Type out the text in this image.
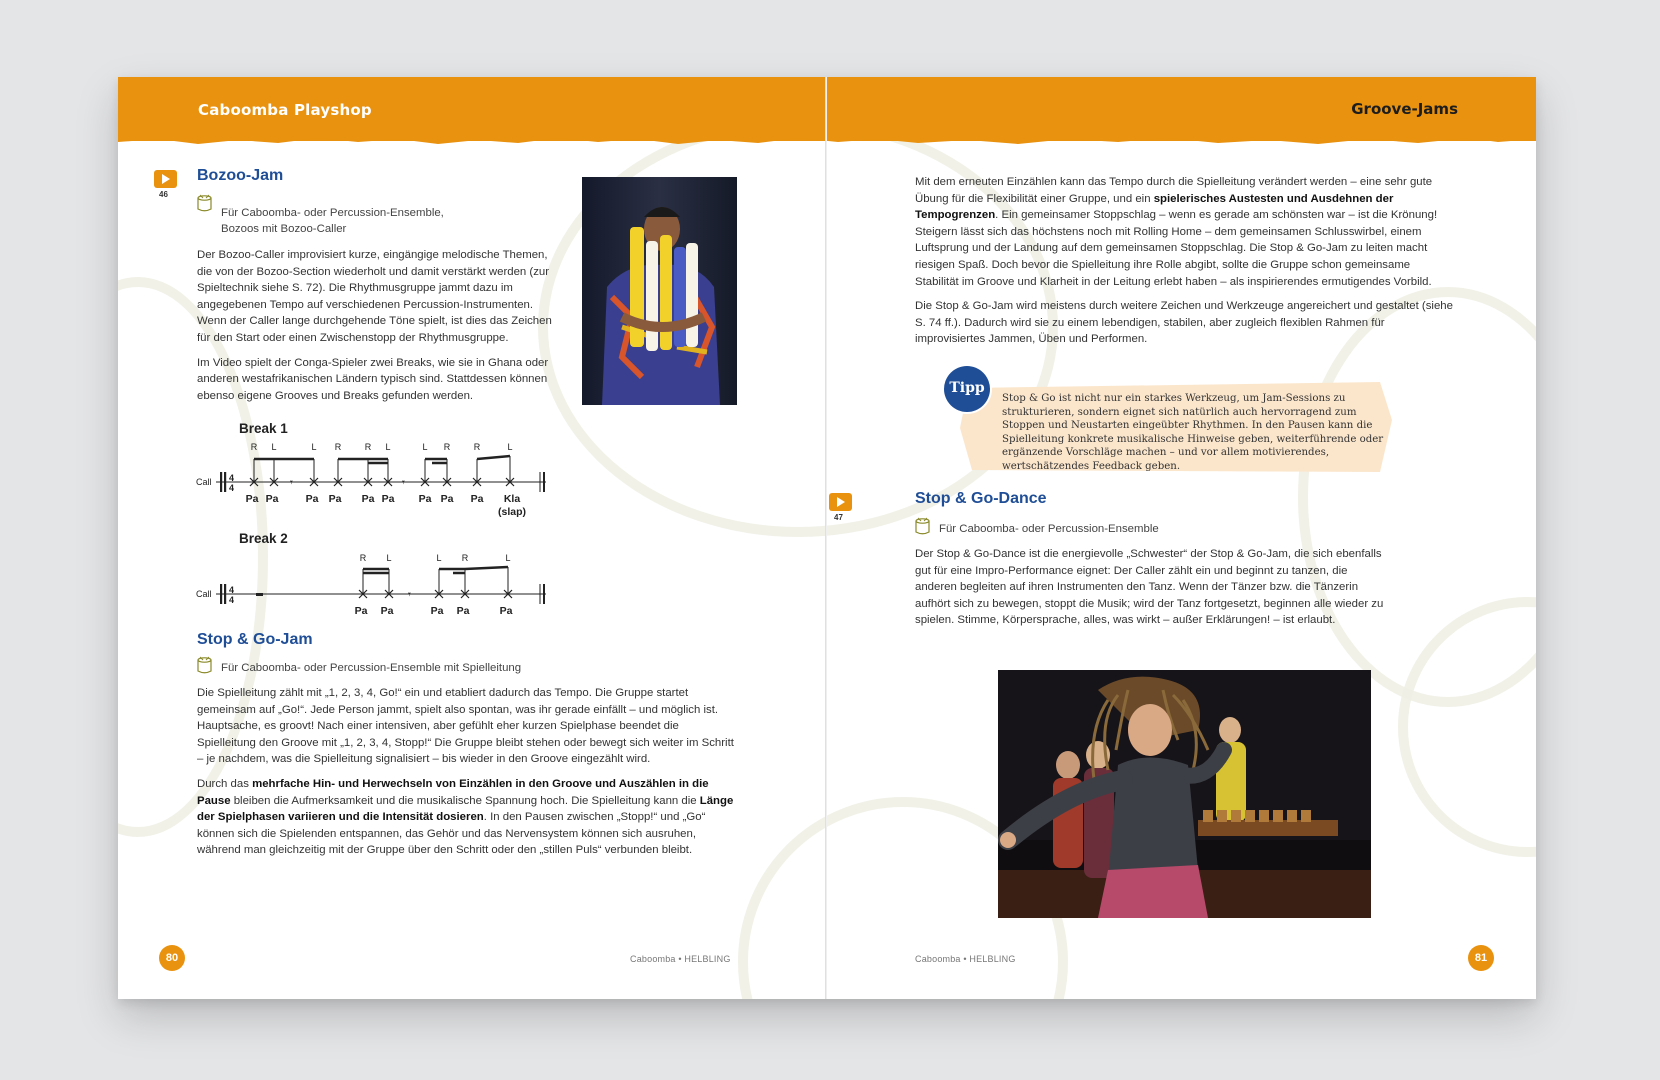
Caboomba Playshop	Groove-Jams
46
Bozoo-Jam
Für Caboomba- oder Percussion-Ensemble, Bozoos mit Bozoo-Caller

Der Bozoo-Caller improvisiert kurze, eingängige melodische Themen, die von der Bozoo-Section wiederholt und damit verstärkt werden (zur Spieltechnik siehe S. 72). Die Rhythmusgruppe jammt dazu im angegebenen Tempo auf verschiedenen Percussion-Instrumenten. Wenn der Caller lange durchgehende Töne spielt, ist dies das Zeichen für den Start oder einen Zwischenstopp der Rhythmusgruppe.

Im Video spielt der Conga-Spieler zwei Breaks, wie sie in Ghana oder anderen westafrikanischen Ländern typisch sind. Stattdessen können ebenso eigene Grooves und Breaks gefunden werden.

Break 1
Call 4
4
R L	L R	R L	L R	R	L
𝄾	𝄾
Pa Pa	Pa Pa Pa Pa Pa Pa Pa Kla
(slap)
Break 2
Call 4
4
R L	L R	L
𝄾
Pa Pa	Pa Pa	Pa
Stop & Go-Jam
Für Caboomba- oder Percussion-Ensemble mit Spielleitung

Die Spielleitung zählt mit „1, 2, 3, 4, Go!“ ein und etabliert dadurch das Tempo. Die Gruppe startet gemeinsam auf „Go!“. Jede Person jammt, spielt also spontan, was ihr gerade einfällt – und möglich ist. Hauptsache, es groovt! Nach einer intensiven, aber gefühlt eher kurzen Spielphase beendet die Spielleitung den Groove mit „1, 2, 3, 4, Stopp!“ Die Gruppe bleibt stehen oder bewegt sich weiter im Schritt – je nachdem, was die Spielleitung signalisiert – bis wieder in den Groove eingezählt wird.

Durch das mehrfache Hin- und Herwechseln von Einzählen in den Groove und Auszählen in die Pause bleiben die Aufmerksamkeit und die musikalische Spannung hoch. Die Spielleitung kann die Länge der Spielphasen variieren und die Intensität dosieren. In den Pausen zwischen „Stopp!“ und „Go“ können sich die Spielenden entspannen, das Gehör und das Nervensystem können sich ausruhen, während man gleichzeitig mit der Gruppe über den Schritt oder den „stillen Puls“ verbunden bleibt.

80	Caboomba • HELBLING

Mit dem erneuten Einzählen kann das Tempo durch die Spielleitung verändert werden – eine sehr gute Übung für die Flexibilität einer Gruppe, und ein spielerisches Austesten und Ausdehnen der Tempogrenzen. Ein gemeinsamer Stoppschlag – wenn es gerade am schönsten war – ist die Krönung! Steigern lässt sich das höchstens noch mit Rolling Home – dem gemeinsamen Schlusswirbel, einem Luftsprung und der Landung auf dem gemeinsamen Stoppschlag. Die Stop & Go-Jam zu leiten macht riesigen Spaß. Doch bevor die Spielleitung ihre Rolle abgibt, sollte die Gruppe schon gemeinsame Stabilität im Groove und Klarheit in der Leitung erlebt haben – als inspirierendes ermutigendes Vorbild.

Die Stop & Go-Jam wird meistens durch weitere Zeichen und Werkzeuge angereichert und gestaltet (siehe S. 74 ff.). Dadurch wird sie zu einem lebendigen, stabilen, aber zugleich flexiblen Rahmen für improvisiertes Jammen, Üben und Performen.

Tipp
Stop & Go ist nicht nur ein starkes Werkzeug, um Jam-Sessions zu strukturieren, sondern eignet sich natürlich auch hervorragend zum Stoppen und Neustarten eingeübter Rhythmen. In den Pausen kann die Spielleitung konkrete musikalische Hinweise geben, weiterführende oder ergänzende Vorschläge machen – und vor allem motivierendes, wertschätzendes Feedback geben.
47
Stop & Go-Dance
Für Caboomba- oder Percussion-Ensemble

Der Stop & Go-Dance ist die energievolle „Schwester“ der Stop & Go-Jam, die sich ebenfalls gut für eine Impro-Performance eignet: Der Caller zählt ein und beginnt zu tanzen, die anderen begleiten auf ihren Instrumenten den Tanz. Wenn der Tänzer bzw. die Tänzerin aufhört sich zu bewegen, stoppt die Musik; wird der Tanz fortgesetzt, beginnen alle wieder zu spielen. Stimme, Körpersprache, alles, was wirkt – außer Erklärungen! – ist erlaubt.

Caboomba • HELBLING	81
